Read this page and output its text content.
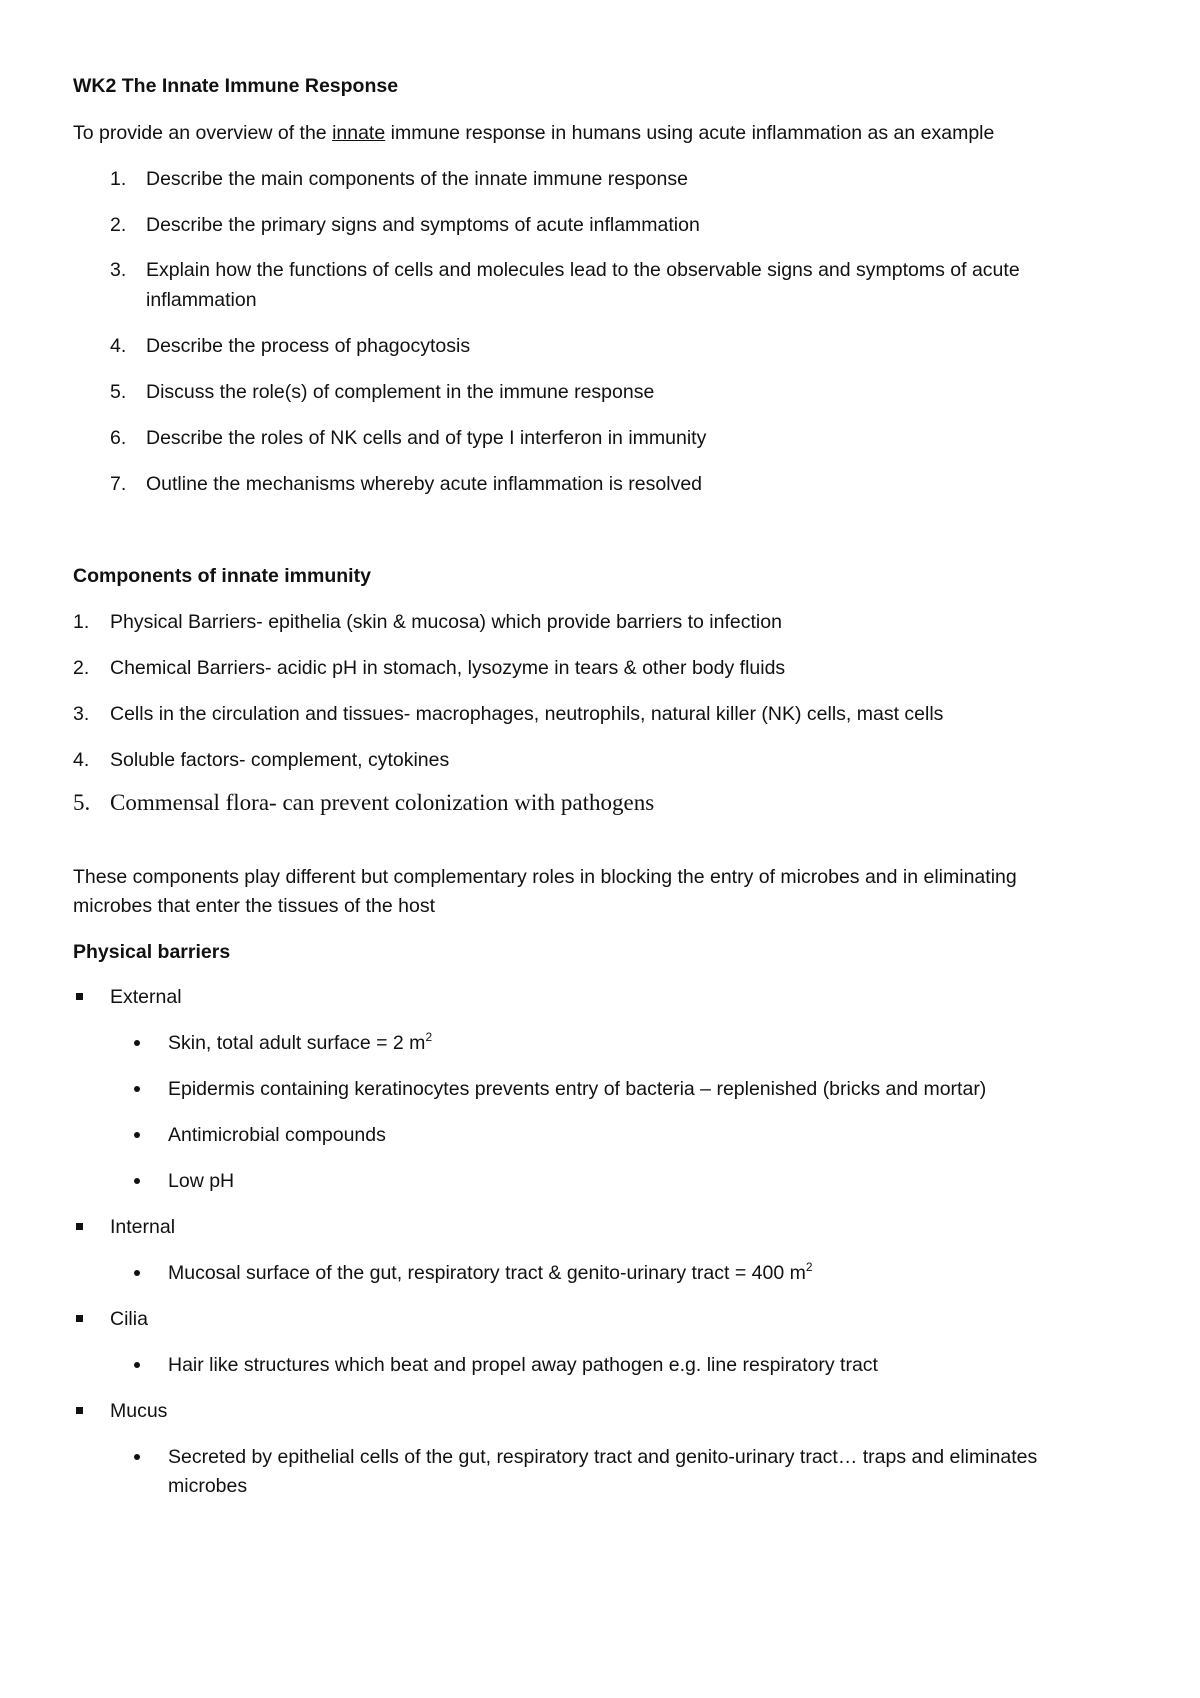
WK2 The Innate Immune Response
To provide an overview of the innate immune response in humans using acute inflammation as an example
1. Describe the main components of the innate immune response
2. Describe the primary signs and symptoms of acute inflammation
3. Explain how the functions of cells and molecules lead to the observable signs and symptoms of acute
inflammation
4. Describe the process of phagocytosis
5. Discuss the role(s) of complement in the immune response
6. Describe the roles of NK cells and of type I interferon in immunity
7. Outline the mechanisms whereby acute inflammation is resolved
Components of innate immunity
1. Physical Barriers- epithelia (skin & mucosa) which provide barriers to infection
2. Chemical Barriers- acidic pH in stomach, lysozyme in tears & other body fluids
3. Cells in the circulation and tissues- macrophages, neutrophils, natural killer (NK) cells, mast cells
4. Soluble factors- complement, cytokines
5. Commensal flora- can prevent colonization with pathogens
These components play different but complementary roles in blocking the entry of microbes and in eliminating
microbes that enter the tissues of the host
Physical barriers
External
Skin, total adult surface = 2 $m^2$
Epidermis containing keratinocytes prevents entry of bacteria – replenished (bricks and mortar)
Antimicrobial compounds
Low pH
Internal
Mucosal surface of the gut, respiratory tract & genito-urinary tract = 400 $m^2$
Cilia
Hair like structures which beat and propel away pathogen e.g. line respiratory tract
Mucus
Secreted by epithelial cells of the gut, respiratory tract and genito-urinary tract… traps and eliminates
microbes
